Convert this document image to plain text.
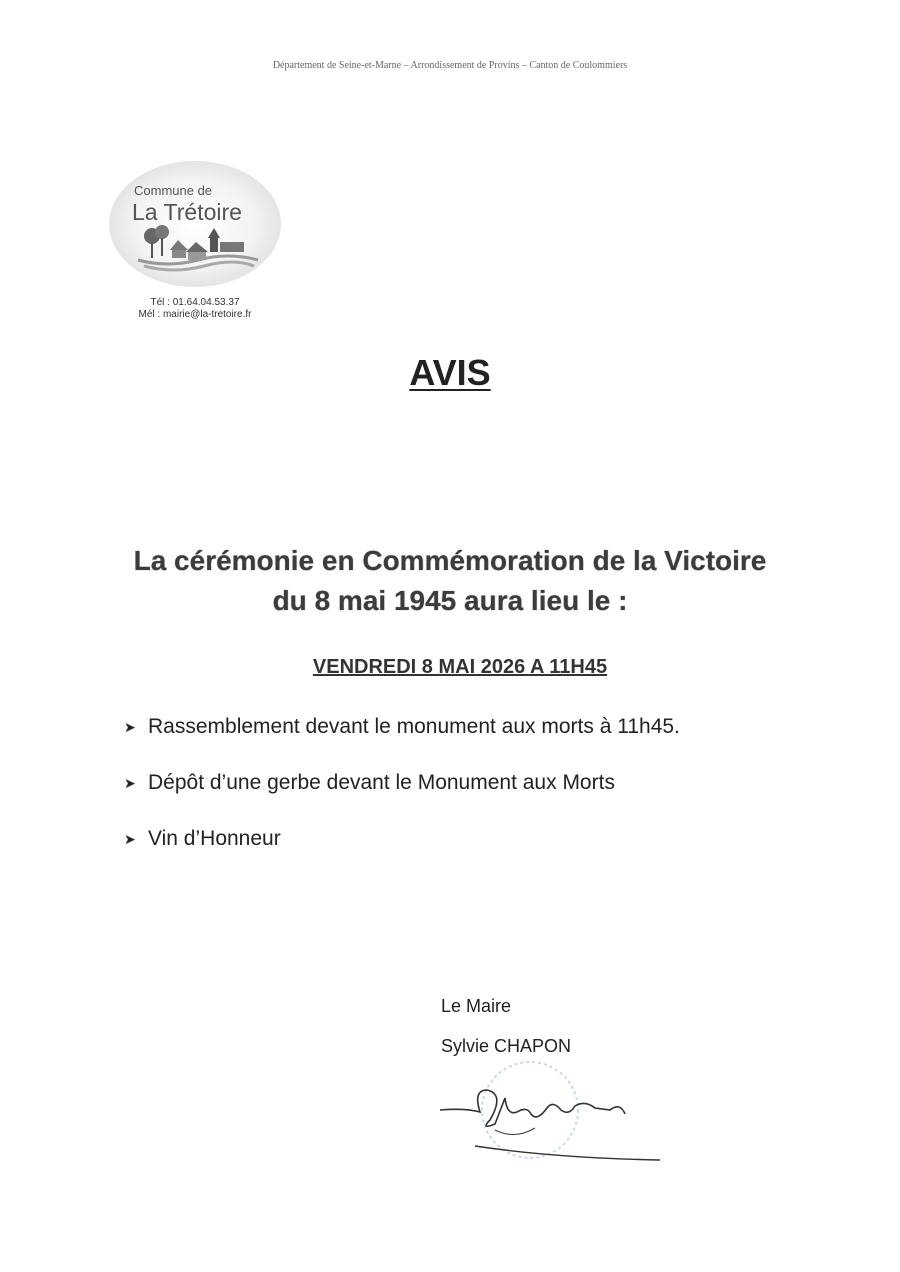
Département de Seine-et-Marne – Arrondissement de Provins – Canton de Coulommiers
Commune de
La Trétoire
Tél : 01.64.04.53.37
Mél : mairie@la-tretoire.fr
AVIS
La cérémonie en Commémoration de la Victoire
du 8 mai 1945 aura lieu le :
VENDREDI 8 MAI 2026 A 11H45
➤ Rassemblement devant le monument aux morts à 11h45.
➤ Dépôt d’une gerbe devant le Monument aux Morts
➤ Vin d’Honneur
Le Maire
Sylvie CHAPON
